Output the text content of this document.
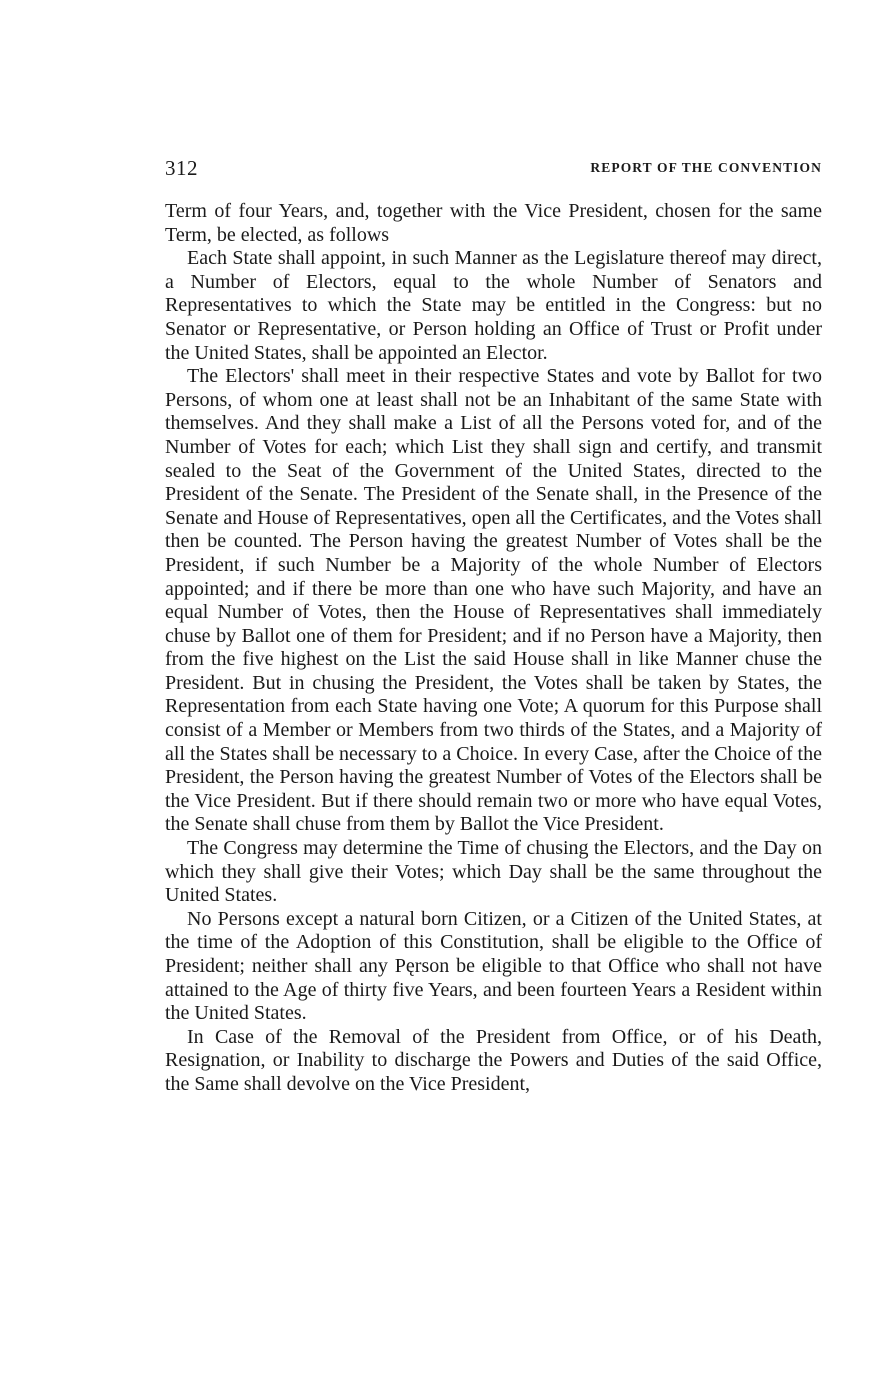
312	REPORT OF THE CONVENTION

Term of four Years, and, together with the Vice President, chosen for the same Term, be elected, as follows

Each State shall appoint, in such Manner as the Legislature thereof may direct, a Number of Electors, equal to the whole Number of Senators and Representatives to which the State may be entitled in the Congress: but no Senator or Representative, or Person holding an Office of Trust or Profit under the United States, shall be appointed an Elector.

The Electors' shall meet in their respective States and vote by Ballot for two Persons, of whom one at least shall not be an Inhabitant of the same State with themselves. And they shall make a List of all the Persons voted for, and of the Number of Votes for each; which List they shall sign and certify, and transmit sealed to the Seat of the Government of the United States, directed to the President of the Senate. The President of the Senate shall, in the Presence of the Senate and House of Representatives, open all the Certificates, and the Votes shall then be counted. The Person having the greatest Number of Votes shall be the President, if such Number be a Majority of the whole Number of Electors appointed; and if there be more than one who have such Majority, and have an equal Number of Votes, then the House of Representatives shall immediately chuse by Ballot one of them for President; and if no Person have a Majority, then from the five highest on the List the said House shall in like Manner chuse the President. But in chusing the President, the Votes shall be taken by States, the Representation from each State having one Vote; A quorum for this Purpose shall consist of a Member or Members from two thirds of the States, and a Majority of all the States shall be necessary to a Choice. In every Case, after the Choice of the President, the Person having the greatest Number of Votes of the Electors shall be the Vice President. But if there should remain two or more who have equal Votes, the Senate shall chuse from them by Ballot the Vice President.

The Congress may determine the Time of chusing the Electors, and the Day on which they shall give their Votes; which Day shall be the same throughout the United States.

No Persons except a natural born Citizen, or a Citizen of the United States, at the time of the Adoption of this Constitution, shall be eligible to the Office of President; neither shall any Pęrson be eligible to that Office who shall not have attained to the Age of thirty five Years, and been fourteen Years a Resident within the United States.

In Case of the Removal of the President from Office, or of his Death, Resignation, or Inability to discharge the Powers and Duties of the said Office, the Same shall devolve on the Vice President,
